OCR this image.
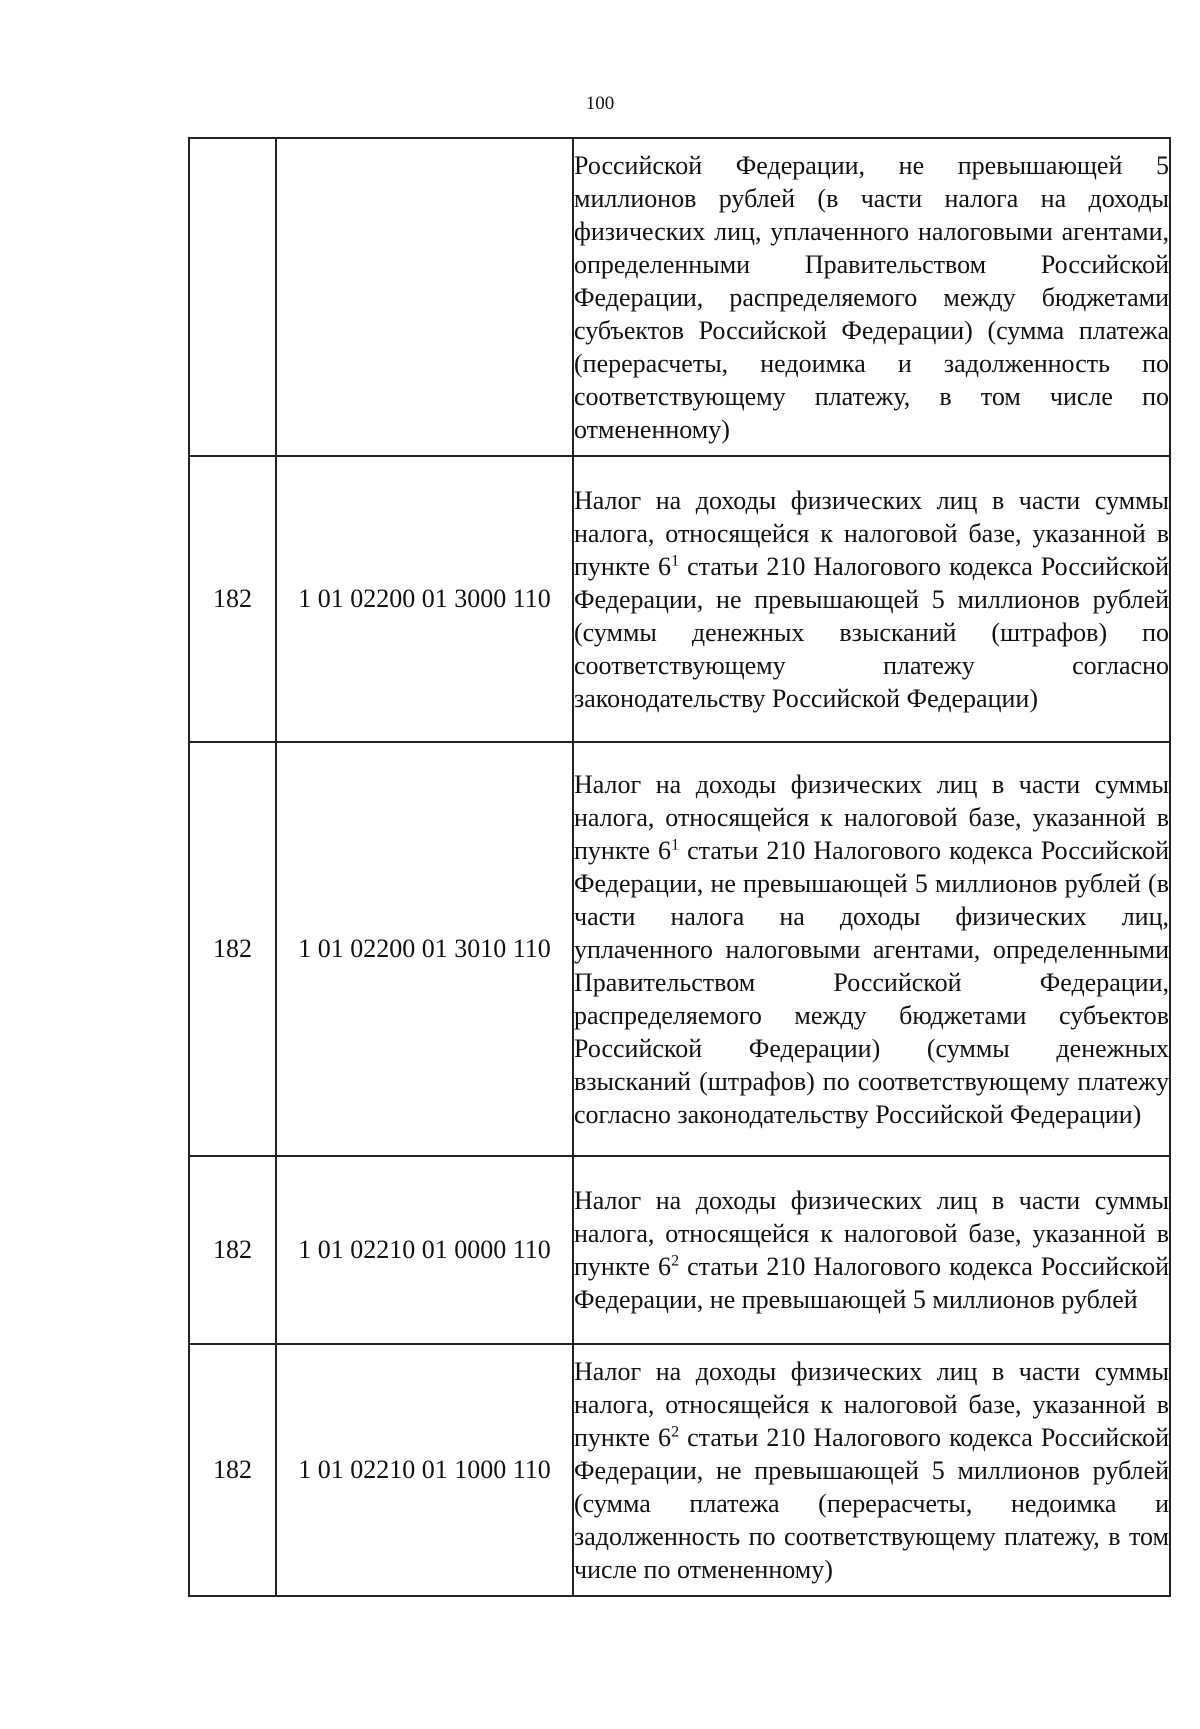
100
		Российской Федерации, не превышающей 5 миллионов рублей (в части налога на доходы физических лиц, уплаченного налоговыми агентами, определенными Правительством Российской Федерации, распределяемого между бюджетами субъектов Российской Федерации) (сумма платежа (перерасчеты, недоимка и задолженность по соответствующему платежу, в том числе по отмененному)
182	1 01 02200 01 3000 110	Налог на доходы физических лиц в части суммы налога, относящейся к налоговой базе, указанной в пункте $6^1$ статьи 210 Налогового кодекса Российской Федерации, не превышающей 5 миллионов рублей (суммы денежных взысканий (штрафов) по соответствующему платежу согласно законодательству Российской Федерации)
182	1 01 02200 01 3010 110	Налог на доходы физических лиц в части суммы налога, относящейся к налоговой базе, указанной в пункте $6^1$ статьи 210 Налогового кодекса Российской Федерации, не превышающей 5 миллионов рублей (в части налога на доходы физических лиц, уплаченного налоговыми агентами, определенными Правительством Российской Федерации, распределяемого между бюджетами субъектов Российской Федерации) (суммы денежных взысканий (штрафов) по соответствующему платежу согласно законодательству Российской Федерации)
182	1 01 02210 01 0000 110	Налог на доходы физических лиц в части суммы налога, относящейся к налоговой базе, указанной в пункте $6^2$ статьи 210 Налогового кодекса Российской Федерации, не превышающей 5 миллионов рублей
182	1 01 02210 01 1000 110	Налог на доходы физических лиц в части суммы налога, относящейся к налоговой базе, указанной в пункте $6^2$ статьи 210 Налогового кодекса Российской Федерации, не превышающей 5 миллионов рублей (сумма платежа (перерасчеты, недоимка и задолженность по соответствующему платежу, в том числе по отмененному)
